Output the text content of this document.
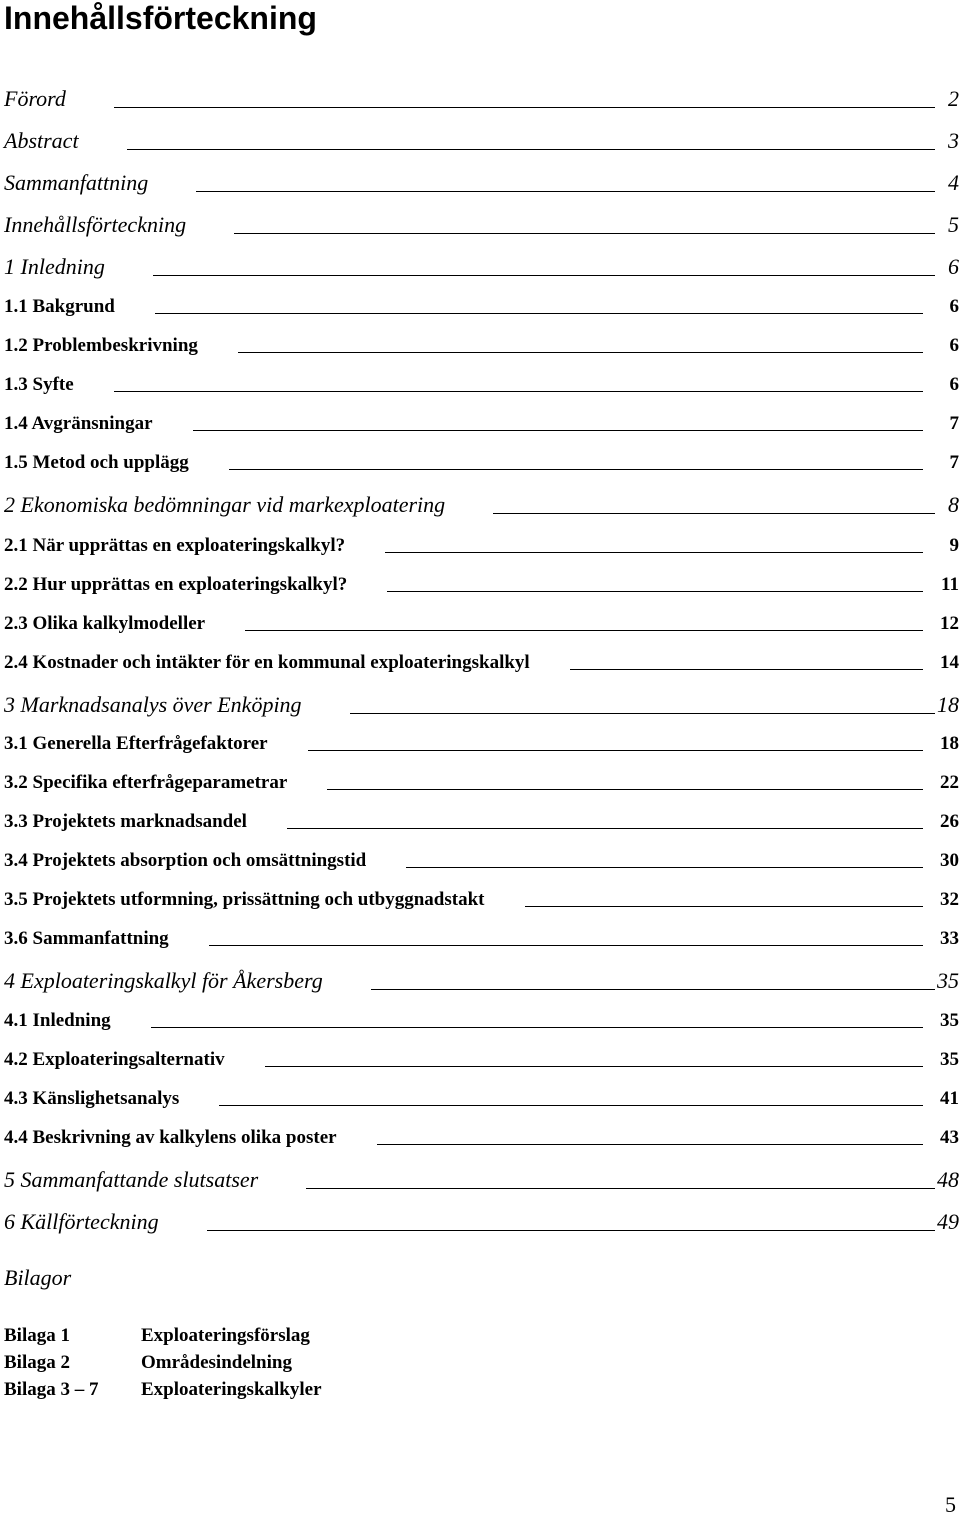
Innehållsförteckning
Förord	2
Abstract	3
Sammanfattning	4
Innehållsförteckning	5
1 Inledning	6
1.1 Bakgrund	6
1.2 Problembeskrivning	6
1.3 Syfte	6
1.4 Avgränsningar	7
1.5 Metod och upplägg	7
2 Ekonomiska bedömningar vid markexploatering	8
2.1 När upprättas en exploateringskalkyl?	9
2.2 Hur upprättas en exploateringskalkyl?	11
2.3 Olika kalkylmodeller	12
2.4 Kostnader och intäkter för en kommunal exploateringskalkyl	14
3 Marknadsanalys över Enköping	18
3.1 Generella Efterfrågefaktorer	18
3.2 Specifika efterfrågeparametrar	22
3.3 Projektets marknadsandel	26
3.4 Projektets absorption och omsättningstid	30
3.5 Projektets utformning, prissättning och utbyggnadstakt	32
3.6 Sammanfattning	33
4 Exploateringskalkyl för Åkersberg	35
4.1 Inledning	35
4.2 Exploateringsalternativ	35
4.3 Känslighetsanalys	41
4.4 Beskrivning av kalkylens olika poster	43
5 Sammanfattande slutsatser	48
6 Källförteckning	49
Bilagor
Bilaga 1	Exploateringsförslag
Bilaga 2	Områdesindelning
Bilaga 3 – 7 Exploateringskalkyler
5
